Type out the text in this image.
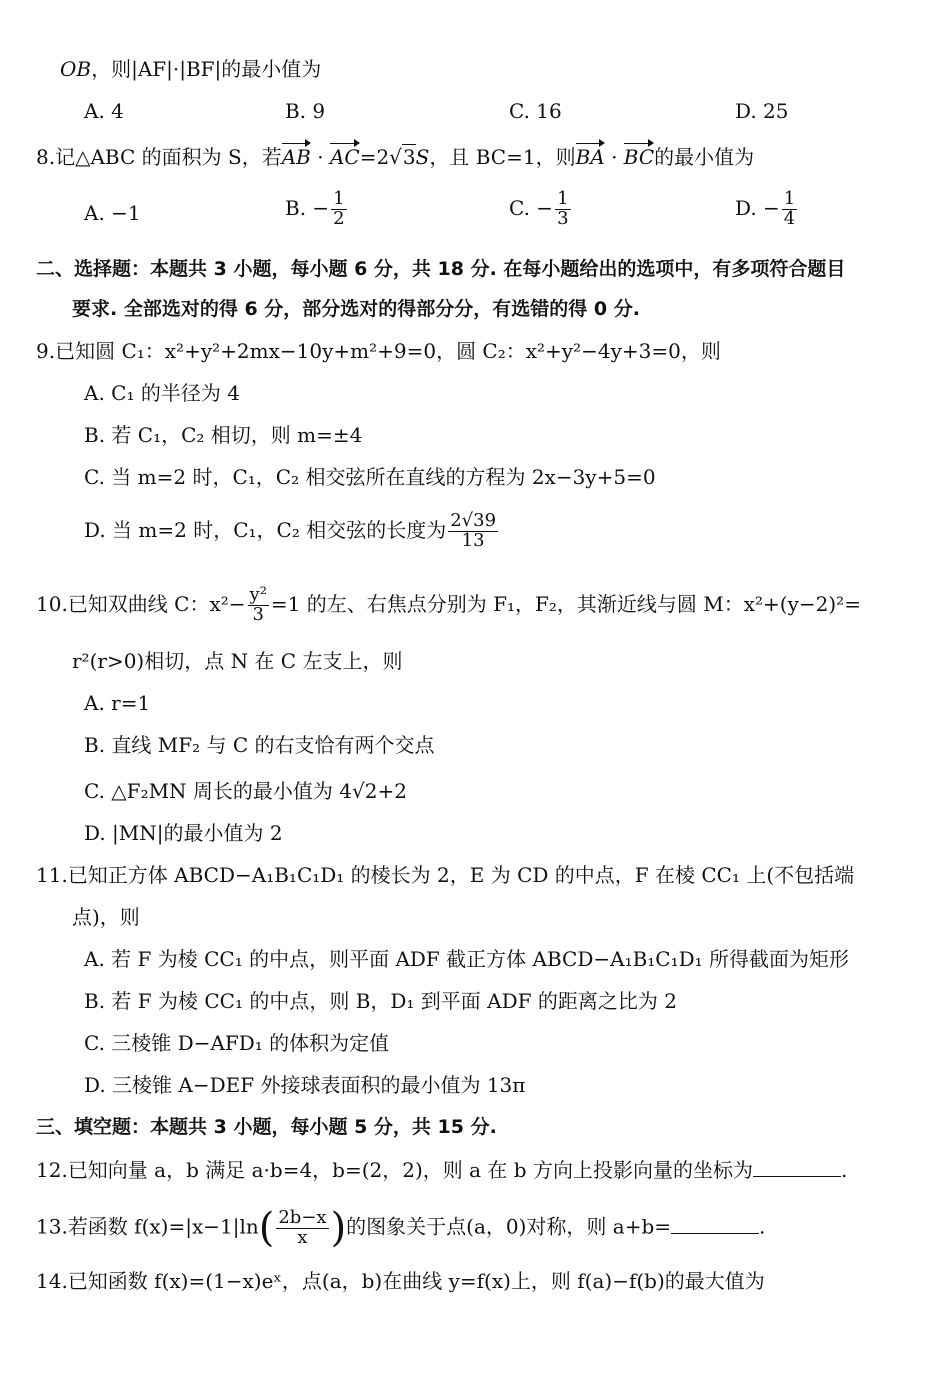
OB，则|AF|·|BF|的最小值为
A. 4	B. 9	C. 16	D. 25
8.记△ABC 的面积为 S，若AB · AC=2√3S，且 BC=1，则BA · BC的最小值为
A. −1	B. − $\frac{1}{2}$	C. − $\frac{1}{3}$	D. − $\frac{1}{4}$
二、选择题：本题共 3 小题，每小题 6 分，共 18 分. 在每小题给出的选项中，有多项符合题目
要求. 全部选对的得 6 分，部分选对的得部分分，有选错的得 0 分.
9.已知圆 C₁：x²+y²+2mx−10y+m²+9=0，圆 C₂：x²+y²−4y+3=0，则
A. C₁ 的半径为 4
B. 若 C₁，C₂ 相切，则 m=±4
C. 当 m=2 时，C₁，C₂ 相交弦所在直线的方程为 2x−3y+5=0
D. 当 m=2 时，C₁，C₂ 相交弦的长度为 $\frac{2√39}{13}$
10.已知双曲线 C：$x^2- \frac{\text{y²}}{3} =1$ 的左、右焦点分别为 F₁，F₂，其渐近线与圆 M：x²+(y−2)²=
r²(r>0)相切，点 N 在 C 左支上，则
A. r=1
B. 直线 MF₂ 与 C 的右支恰有两个交点
C. △F₂MN 周长的最小值为 4√2+2
D. |MN|的最小值为 2
11.已知正方体 ABCD−A₁B₁C₁D₁ 的棱长为 2，E 为 CD 的中点，F 在棱 CC₁ 上(不包括端
点)，则
A. 若 F 为棱 CC₁ 的中点，则平面 ADF 截正方体 ABCD−A₁B₁C₁D₁ 所得截面为矩形
B. 若 F 为棱 CC₁ 的中点，则 B，D₁ 到平面 ADF 的距离之比为 2
C. 三棱锥 D−AFD₁ 的体积为定值
D. 三棱锥 A−DEF 外接球表面积的最小值为 13π
三、填空题：本题共 3 小题，每小题 5 分，共 15 分.
12.已知向量 a，b 满足 a·b=4，b=(2，2)，则 a 在 b 方向上投影向量的坐标为	.
13.若函数 $f(x)=|x-1|\ln( \frac{2b-x}{x}$ )的图象关于点(a，0)对称，则 a+b=	.
14.已知函数 f(x)=(1−x)eˣ，点(a，b)在曲线 y=f(x)上，则 f(a)−f(b)的最大值为
